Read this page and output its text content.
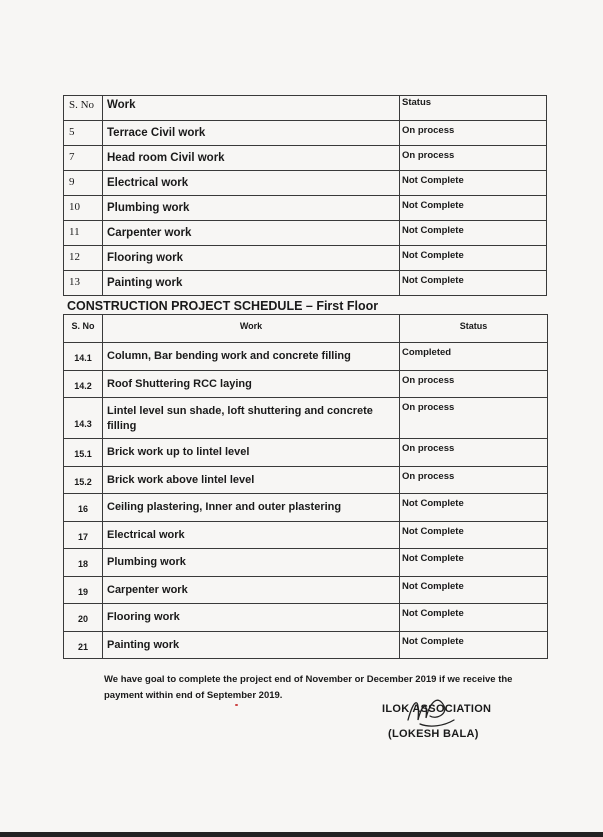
S. No	Work	Status
5	Terrace Civil work	On process
7	Head room Civil work	On process
9	Electrical work	Not Complete
10	Plumbing work	Not Complete
11	Carpenter work	Not Complete
12	Flooring work	Not Complete
13	Painting work	Not Complete
CONSTRUCTION PROJECT SCHEDULE – First Floor
S. No	Work	Status
14.1	Column, Bar bending work and concrete filling	Completed
14.2	Roof Shuttering RCC laying	On process
14.3	Lintel level sun shade, loft shuttering and concrete filling	On process
15.1	Brick work up to lintel level	On process
15.2	Brick work above lintel level	On process
16	Ceiling plastering, Inner and outer plastering	Not Complete
17	Electrical work	Not Complete
18	Plumbing work	Not Complete
19	Carpenter work	Not Complete
20	Flooring work	Not Complete
21	Painting work	Not Complete
We have goal to complete the project end of November or December 2019 if we receive the payment within end of September 2019.
ILOK ASSOCIATION
(LOKESH BALA)
